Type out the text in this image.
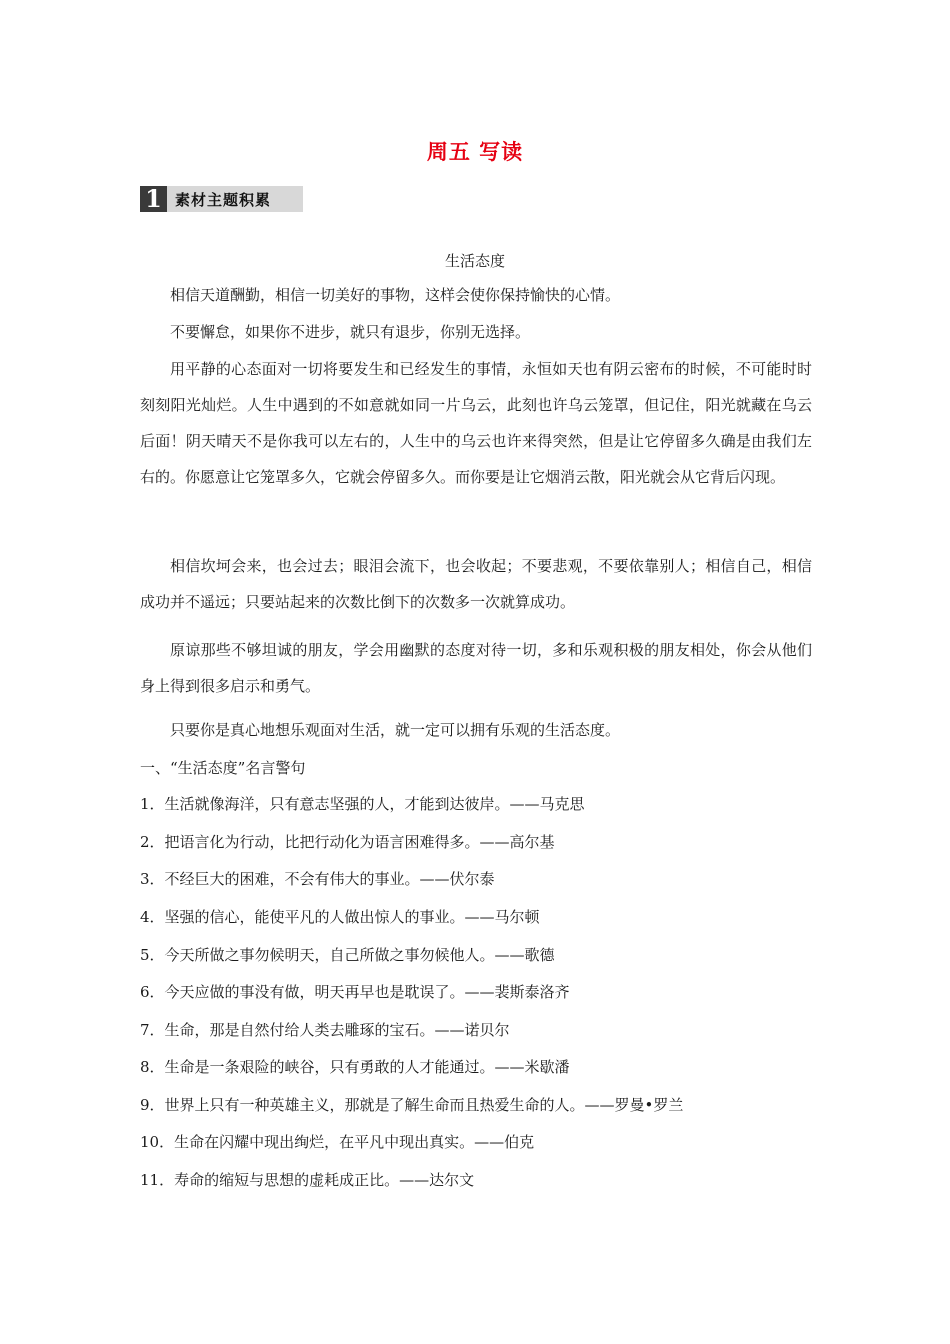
周五 写读
1 素材主题积累
生活态度

相信天道酬勤，相信一切美好的事物，这样会使你保持愉快的心情。

不要懈怠，如果你不进步，就只有退步，你别无选择。

用平静的心态面对一切将要发生和已经发生的事情，永恒如天也有阴云密布的时候，不可能时时刻刻阳光灿烂。人生中遇到的不如意就如同一片乌云，此刻也许乌云笼罩，但记住，阳光就藏在乌云后面！阴天晴天不是你我可以左右的，人生中的乌云也许来得突然，但是让它停留多久确是由我们左右的。你愿意让它笼罩多久，它就会停留多久。而你要是让它烟消云散，阳光就会从它背后闪现。

相信坎坷会来，也会过去；眼泪会流下，也会收起；不要悲观，不要依靠别人；相信自己，相信成功并不遥远；只要站起来的次数比倒下的次数多一次就算成功。

原谅那些不够坦诚的朋友，学会用幽默的态度对待一切，多和乐观积极的朋友相处，你会从他们身上得到很多启示和勇气。

只要你是真心地想乐观面对生活，就一定可以拥有乐观的生活态度。

一、“生活态度”名言警句

1．生活就像海洋，只有意志坚强的人，才能到达彼岸。——马克思

2．把语言化为行动，比把行动化为语言困难得多。——高尔基

3．不经巨大的困难，不会有伟大的事业。——伏尔泰

4．坚强的信心，能使平凡的人做出惊人的事业。——马尔顿

5．今天所做之事勿候明天，自己所做之事勿候他人。——歌德

6．今天应做的事没有做，明天再早也是耽误了。——裴斯泰洛齐

7．生命，那是自然付给人类去雕琢的宝石。——诺贝尔

8．生命是一条艰险的峡谷，只有勇敢的人才能通过。——米歇潘

9．世界上只有一种英雄主义，那就是了解生命而且热爱生命的人。——罗曼•罗兰

10．生命在闪耀中现出绚烂，在平凡中现出真实。——伯克

11．寿命的缩短与思想的虚耗成正比。——达尔文
